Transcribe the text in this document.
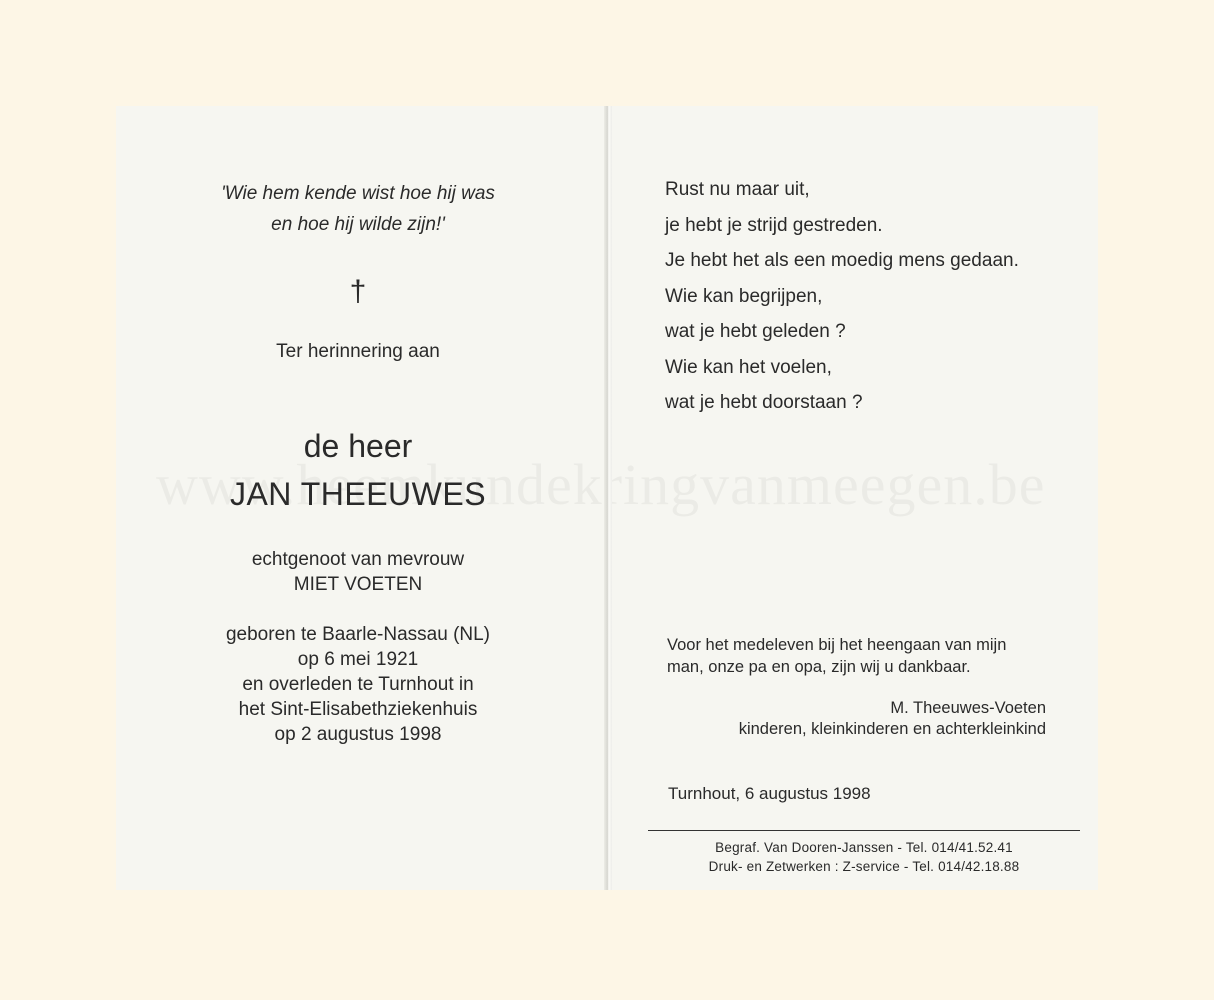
'Wie hem kende wist hoe hij was
en hoe hij wilde zijn!'
†
Ter herinnering aan
de heer
JAN THEEUWES
echtgenoot van mevrouw
MIET VOETEN
geboren te Baarle-Nassau (NL)
op 6 mei 1921
en overleden te Turnhout in
het Sint-Elisabethziekenhuis
op 2 augustus 1998
Rust nu maar uit,
je hebt je strijd gestreden.
Je hebt het als een moedig mens gedaan.
Wie kan begrijpen,
wat je hebt geleden ?
Wie kan het voelen,
wat je hebt doorstaan ?
Voor het medeleven bij het heengaan van mijn
man, onze pa en opa, zijn wij u dankbaar.
M. Theeuwes-Voeten
kinderen, kleinkinderen en achterkleinkind
Turnhout, 6 augustus 1998
Begraf. Van Dooren-Janssen - Tel. 014/41.52.41
Druk- en Zetwerken : Z-service - Tel. 014/42.18.88
